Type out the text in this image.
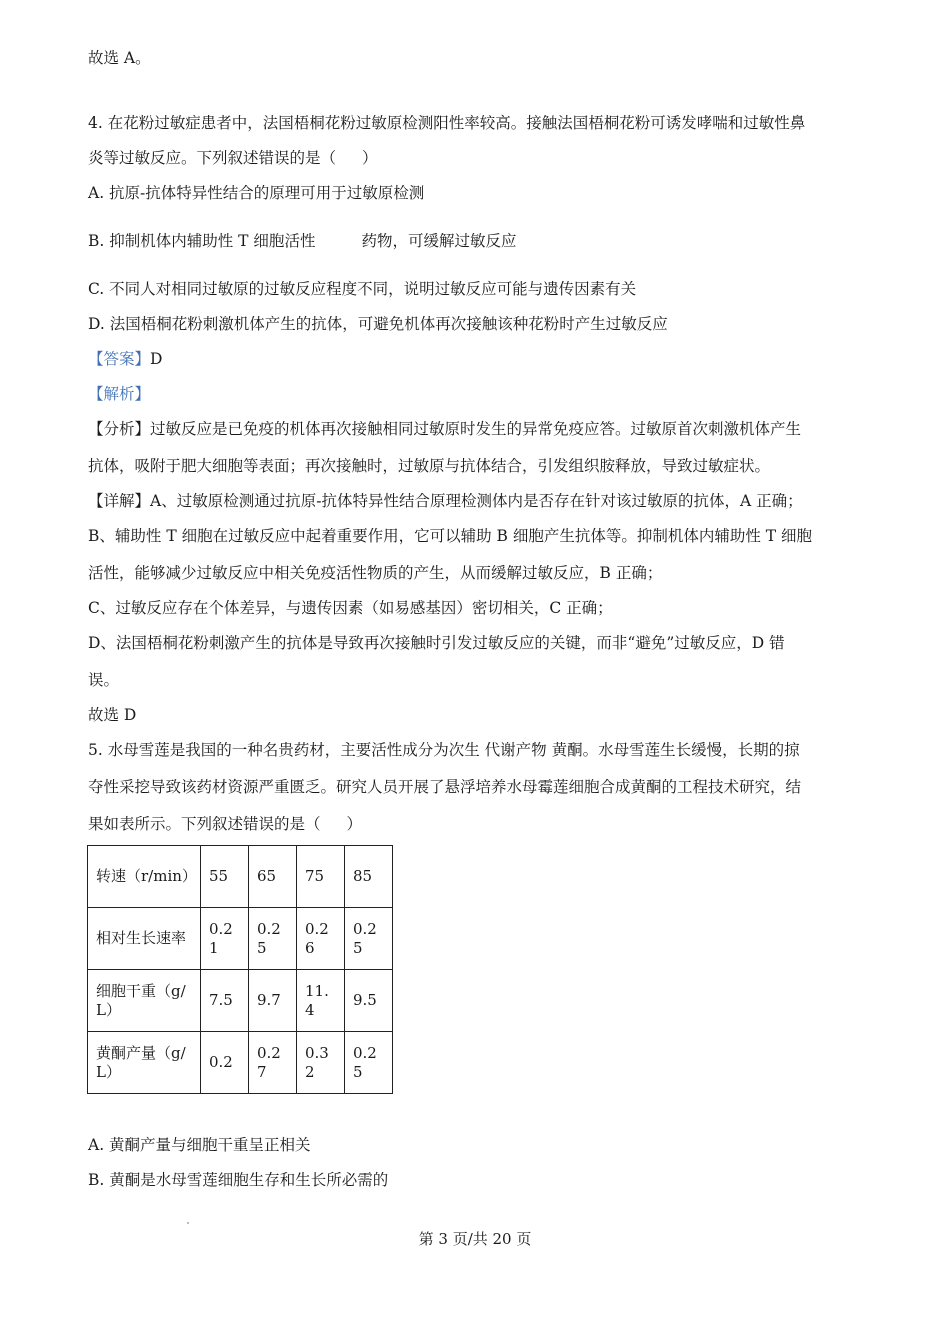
故选 A。
4. 在花粉过敏症患者中，法国梧桐花粉过敏原检测阳性率较高。接触法国梧桐花粉可诱发哮喘和过敏性鼻
炎等过敏反应。下列叙述错误的是（ ）
A. 抗原-抗体特异性结合的原理可用于过敏原检测
B. 抑制机体内辅助性 T 细胞活性	药物，可缓解过敏反应
C. 不同人对相同过敏原的过敏反应程度不同，说明过敏反应可能与遗传因素有关
D. 法国梧桐花粉刺激机体产生的抗体，可避免机体再次接触该种花粉时产生过敏反应
【答案】D
【解析】
【分析】过敏反应是已免疫的机体再次接触相同过敏原时发生的异常免疫应答。过敏原首次刺激机体产生
抗体，吸附于肥大细胞等表面；再次接触时，过敏原与抗体结合，引发组织胺释放，导致过敏症状。
【详解】A、过敏原检测通过抗原-抗体特异性结合原理检测体内是否存在针对该过敏原的抗体，A 正确；
B、辅助性 T 细胞在过敏反应中起着重要作用，它可以辅助 B 细胞产生抗体等。抑制机体内辅助性 T 细胞
活性，能够减少过敏反应中相关免疫活性物质的产生，从而缓解过敏反应，B 正确；
C、过敏反应存在个体差异，与遗传因素（如易感基因）密切相关，C 正确；
D、法国梧桐花粉刺激产生的抗体是导致再次接触时引发过敏反应的关键，而非“避免”过敏反应，D 错
误。
故选 D
5. 水母雪莲是我国的一种名贵药材，主要活性成分为次生 代谢产物 黄酮。水母雪莲生长缓慢，长期的掠
夺性采挖导致该药材资源严重匮乏。研究人员开展了悬浮培养水母霉莲细胞合成黄酮的工程技术研究，结
果如表所示。下列叙述错误的是（ ）
转速（r/min）	55	65	75	85
相对生长速率	0.21	0.25	0.26	0.25
细胞干重（g/L）	7.5	9.7	11.4	9.5
黄酮产量（g/L）	0.2	0.27	0.32	0.25
A. 黄酮产量与细胞干重呈正相关
B. 黄酮是水母雪莲细胞生存和生长所必需的
第 3 页/共 20 页
